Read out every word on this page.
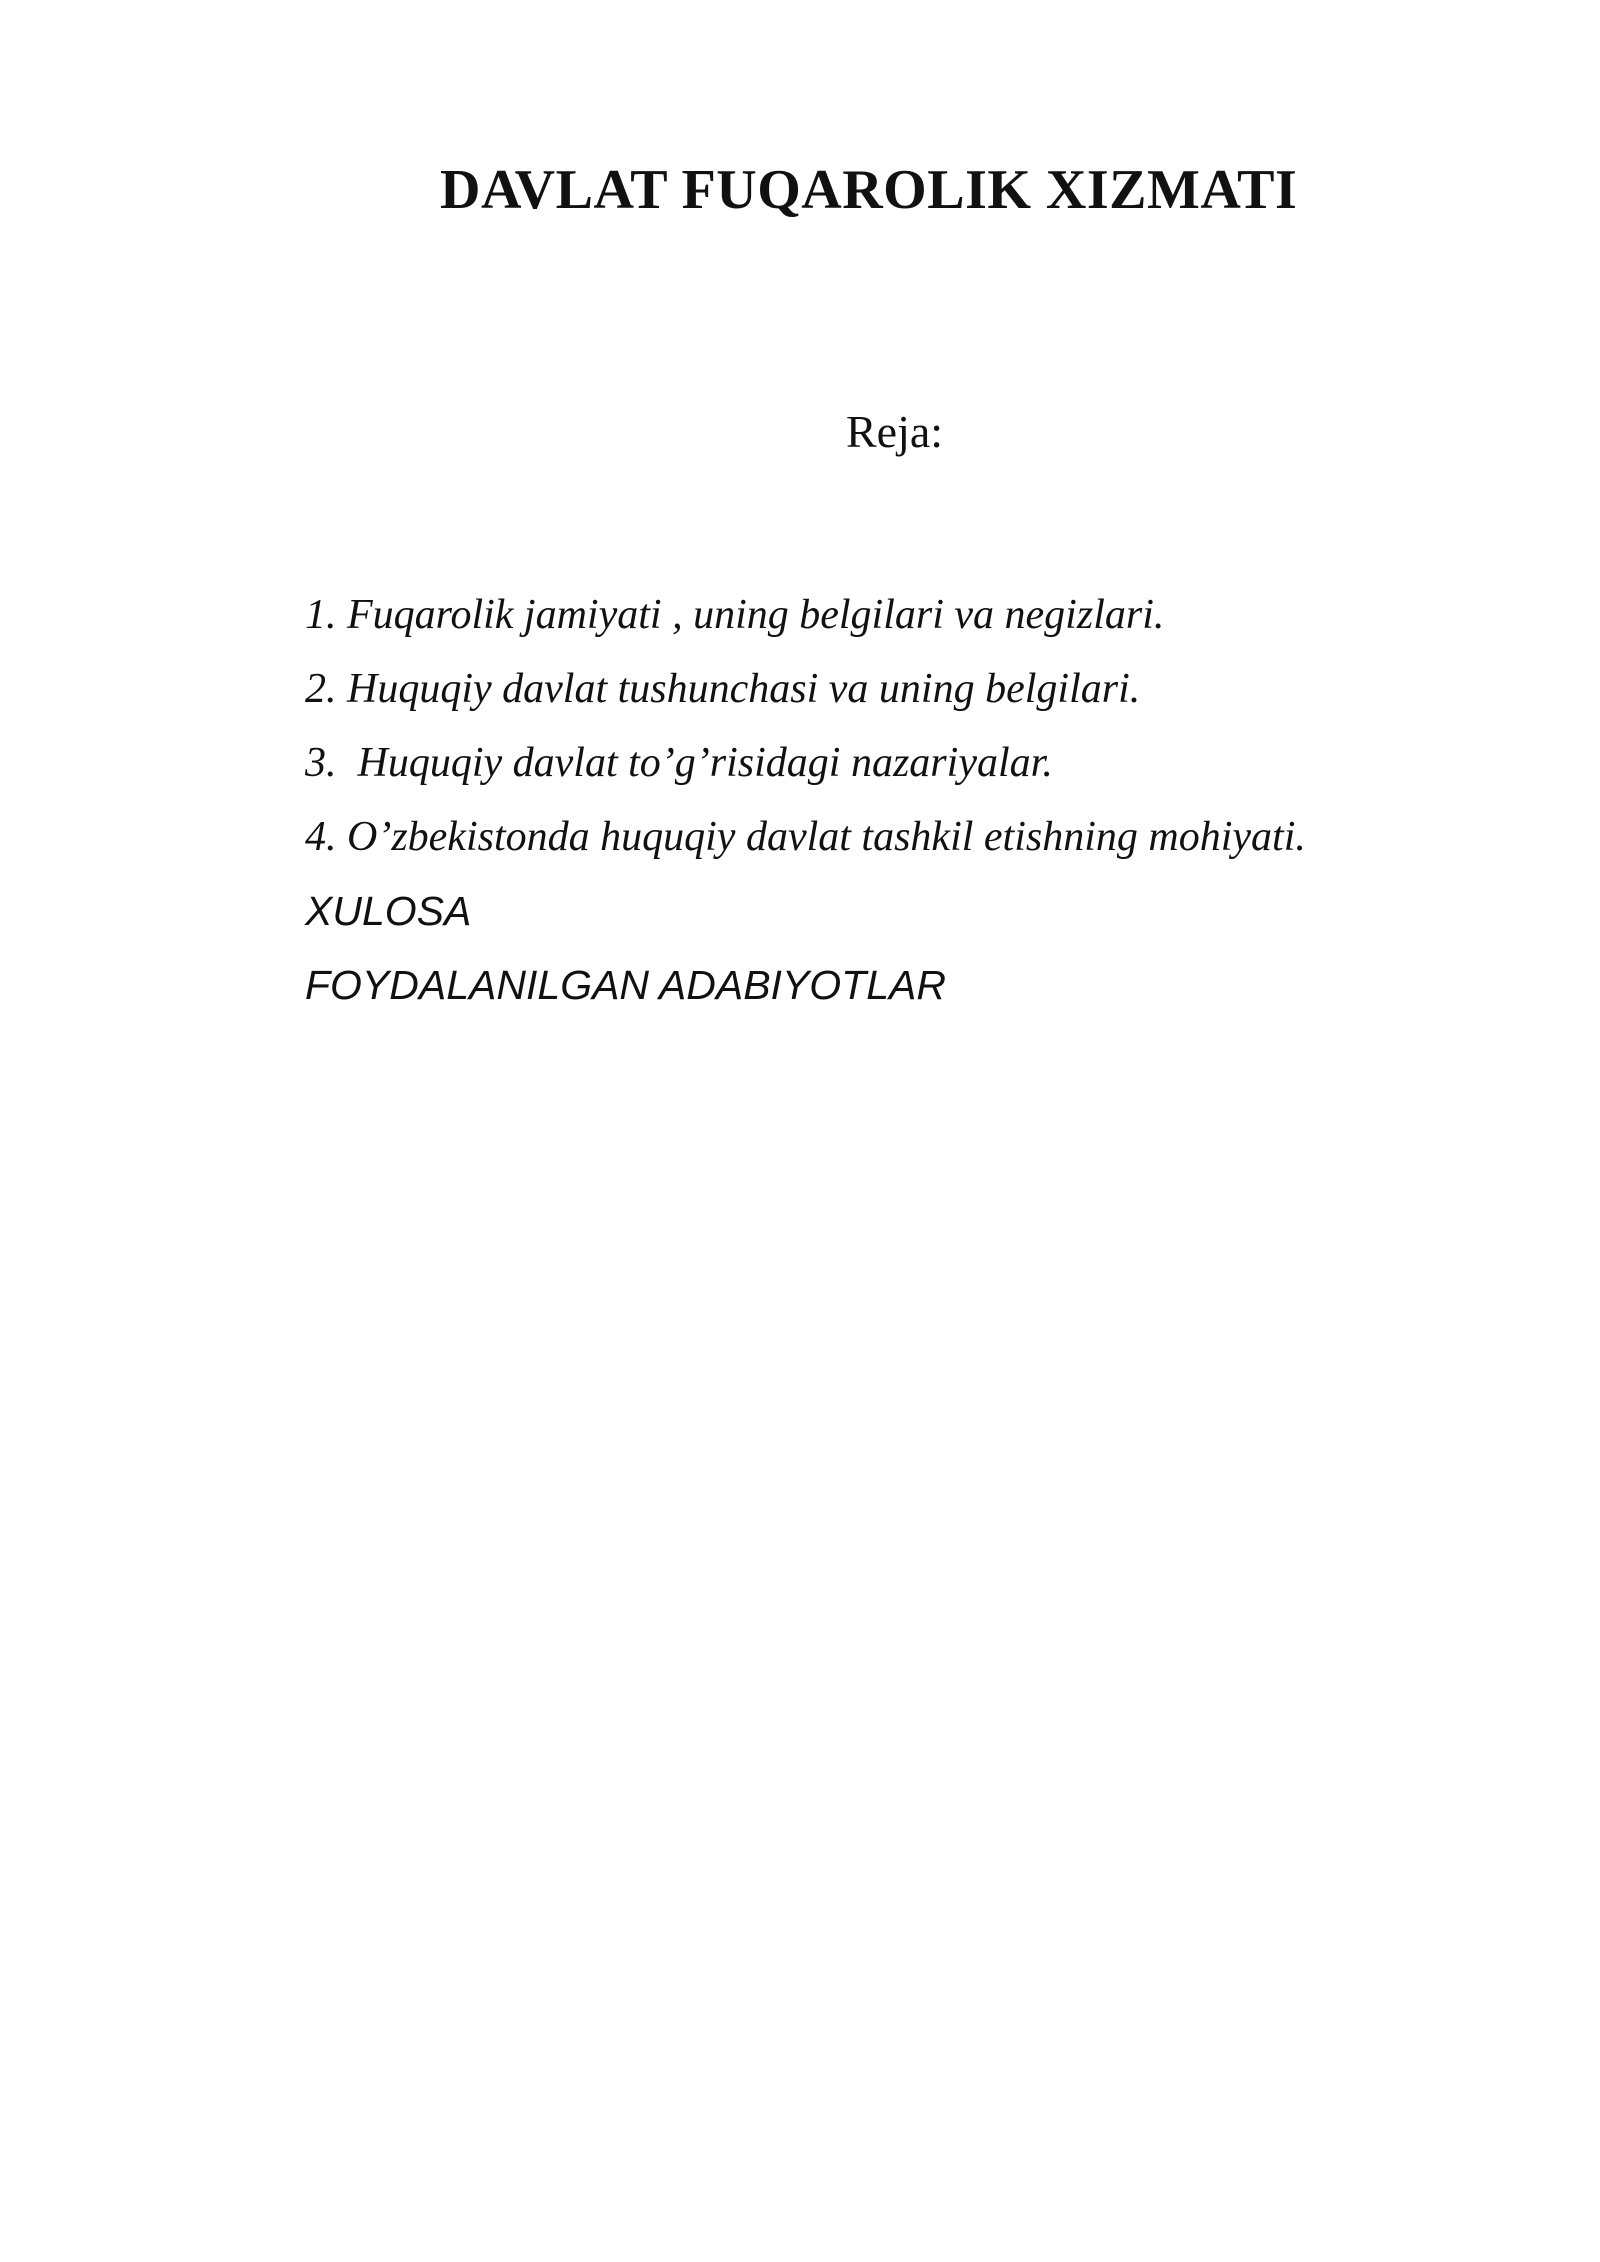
DAVLAT FUQAROLIK XIZMATI
Reja:
1. Fuqarolik jamiyati , uning belgilari va negizlari.
2. Huquqiy davlat tushunchasi va uning belgilari.
3.  Huquqiy davlat to’g’risidagi nazariyalar.
4. O’zbekistonda huquqiy davlat tashkil etishning mohiyati.
XULOSA
FOYDALANILGAN ADABIYOTLAR
